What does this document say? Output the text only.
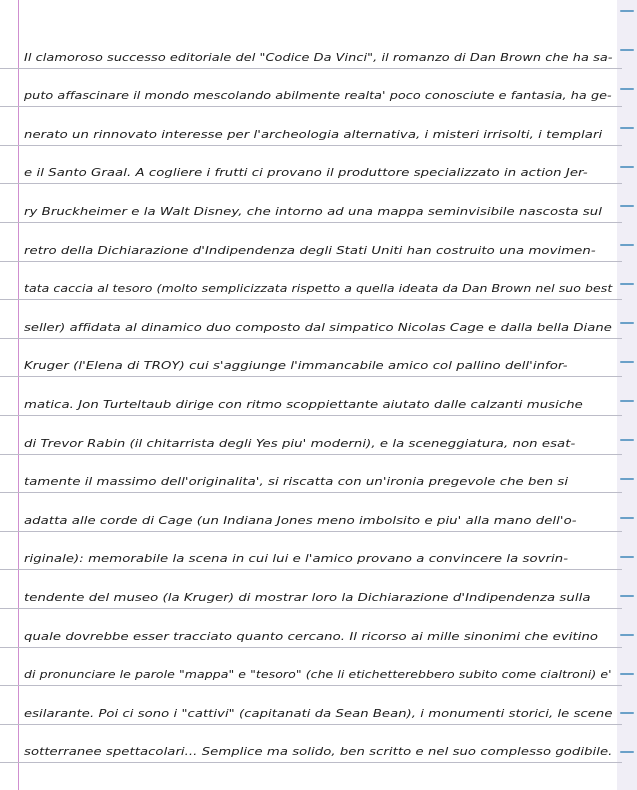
Il clamoroso successo editoriale del "Codice Da Vinci", il romanzo di Dan Brown che ha sa-
puto affascinare il mondo mescolando abilmente realta' poco conosciute e fantasia, ha ge-
nerato un rinnovato interesse per l'archeologia alternativa, i misteri irrisolti, i templari
e il Santo Graal. A cogliere i frutti ci provano il produttore specializzato in action Jer-
ry Bruckheimer e la Walt Disney, che intorno ad una mappa seminvisibile nascosta sul
retro della Dichiarazione d'Indipendenza degli Stati Uniti han costruito una movimen-
tata caccia al tesoro (molto semplicizzata rispetto a quella ideata da Dan Brown nel suo best
seller) affidata al dinamico duo composto dal simpatico Nicolas Cage e dalla bella Diane
Kruger (l'Elena di TROY) cui s'aggiunge l'immancabile amico col pallino dell'infor-
matica. Jon Turteltaub dirige con ritmo scoppiettante aiutato dalle calzanti musiche
di Trevor Rabin (il chitarrista degli Yes piu' moderni), e la sceneggiatura, non esat-
tamente il massimo dell'originalita', si riscatta con un'ironia pregevole che ben si
adatta alle corde di Cage (un Indiana Jones meno imbolsito e piu' alla mano dell'o-
riginale): memorabile la scena in cui lui e l'amico provano a convincere la sovrin-
tendente del museo (la Kruger) di mostrar loro la Dichiarazione d'Indipendenza sulla
quale dovrebbe esser tracciato quanto cercano. Il ricorso ai mille sinonimi che evitino
di pronunciare le parole "mappa" e "tesoro" (che li etichetterebbero subito come cialtroni) e'
esilarante. Poi ci sono i "cattivi" (capitanati da Sean Bean), i monumenti storici, le scene
sotterranee spettacolari... Semplice ma solido, ben scritto e nel suo complesso godibile.
